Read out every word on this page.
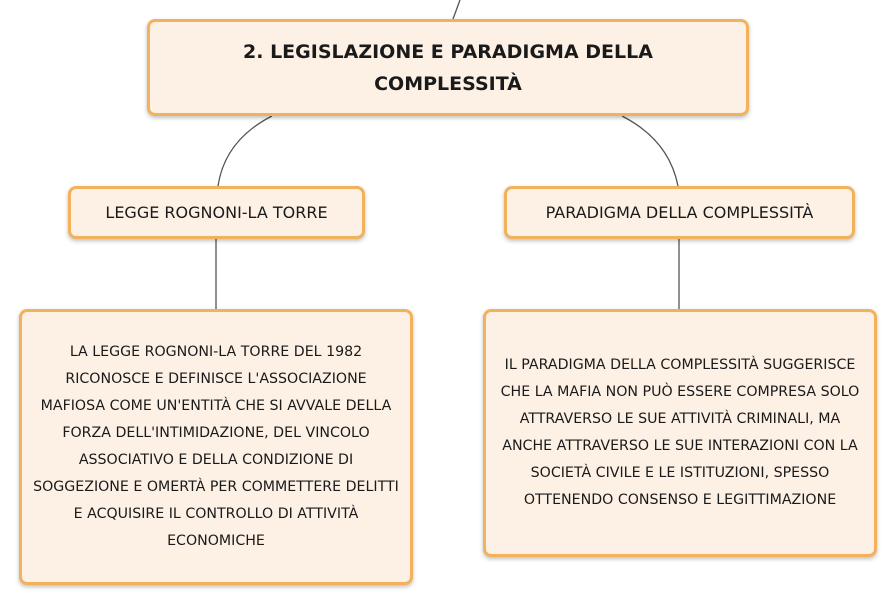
2. LEGISLAZIONE E PARADIGMA DELLA COMPLESSITÀ
LEGGE ROGNONI-LA TORRE	PARADIGMA DELLA COMPLESSITÀ
LA LEGGE ROGNONI-LA TORRE DEL 1982 RICONOSCE E DEFINISCE L'ASSOCIAZIONE MAFIOSA COME UN'ENTITÀ CHE SI AVVALE DELLA FORZA DELL'INTIMIDAZIONE, DEL VINCOLO ASSOCIATIVO E DELLA CONDIZIONE DI SOGGEZIONE E OMERTÀ PER COMMETTERE DELITTI E ACQUISIRE IL CONTROLLO DI ATTIVITÀ ECONOMICHE
IL PARADIGMA DELLA COMPLESSITÀ SUGGERISCE CHE LA MAFIA NON PUÒ ESSERE COMPRESA SOLO ATTRAVERSO LE SUE ATTIVITÀ CRIMINALI, MA ANCHE ATTRAVERSO LE SUE INTERAZIONI CON LA SOCIETÀ CIVILE E LE ISTITUZIONI, SPESSO OTTENENDO CONSENSO E LEGITTIMAZIONE
